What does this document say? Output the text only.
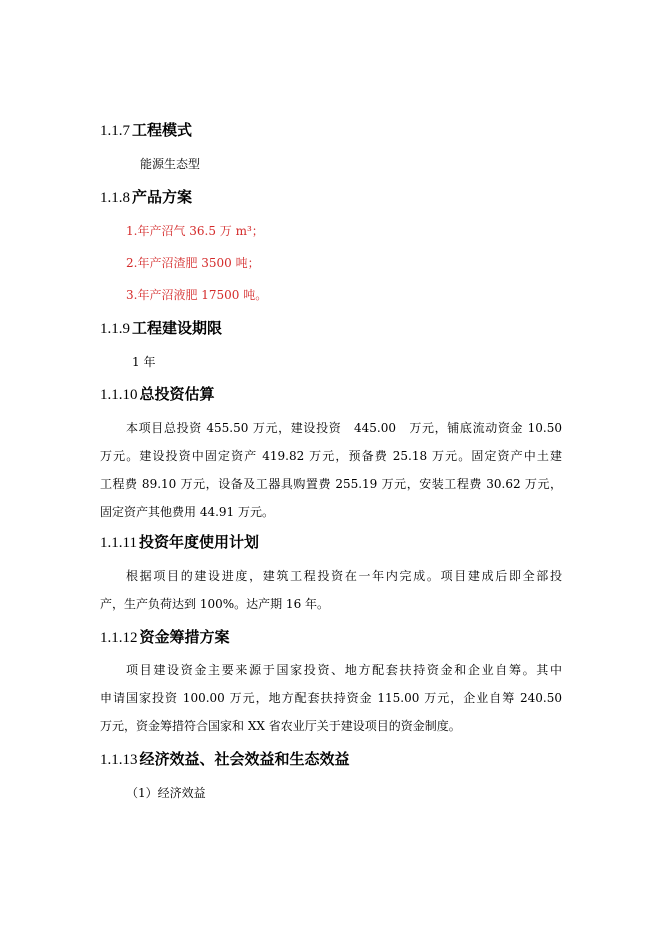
1.1.7 工程模式
能源生态型
1.1.8 产品方案
1.年产沼气 36.5 万 m³；
2.年产沼渣肥 3500 吨；
3.年产沼液肥 17500 吨。
1.1.9 工程建设期限
1 年
1.1.10 总投资估算
本项目总投资 455.50 万元，建设投资　445.00　万元，铺底流动资金 10.50
万元。建设投资中固定资产 419.82 万元，预备费 25.18 万元。固定资产中土建
工程费 89.10 万元，设备及工器具购置费 255.19 万元，安装工程费 30.62 万元，
固定资产其他费用 44.91 万元。
1.1.11 投资年度使用计划
根据项目的建设进度，建筑工程投资在一年内完成。项目建成后即全部投
产，生产负荷达到 100%。达产期 16 年。
1.1.12 资金筹措方案
项目建设资金主要来源于国家投资、地方配套扶持资金和企业自筹。其中
申请国家投资 100.00 万元，地方配套扶持资金 115.00 万元，企业自筹 240.50
万元，资金筹措符合国家和 XX 省农业厅关于建设项目的资金制度。
1.1.13 经济效益、社会效益和生态效益
（1）经济效益
